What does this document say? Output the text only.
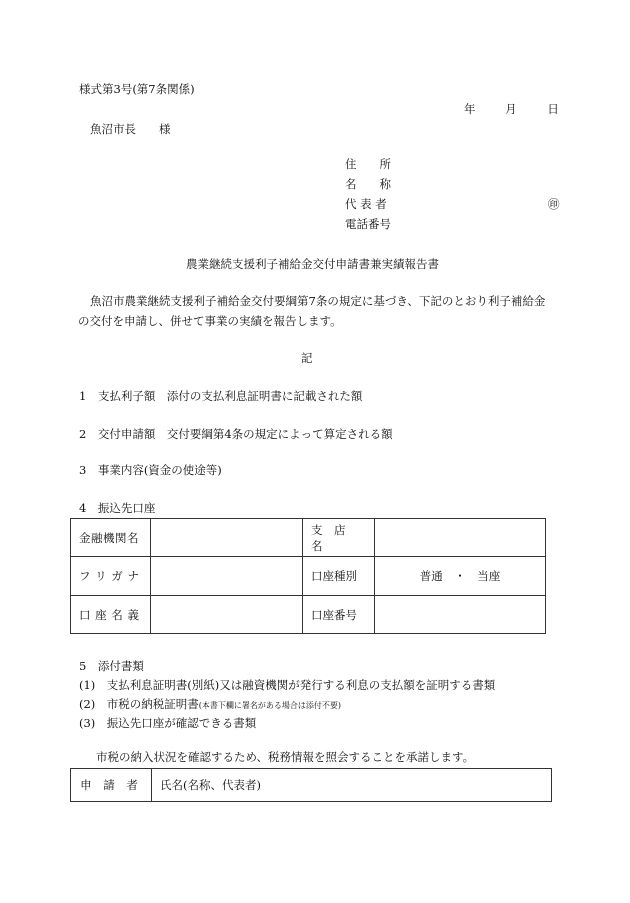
様式第3号(第7条関係)
年	月	日
魚沼市長　　様
住　　所
名　　称
代 表 者	㊞
電話番号
農業継続支援利子補給金交付申請書兼実績報告書
魚沼市農業継続支援利子補給金交付要綱第7条の規定に基づき、下記のとおり利子補給金
の交付を申請し、併せて事業の実績を報告します。
記
1　支払利子額　添付の支払利息証明書に記載された額
2　交付申請額　交付要綱第4条の規定によって算定される額
3　事業内容(資金の使途等)
4　振込先口座
金融機関名		支　店　名	
フ リ ガ ナ		口座種別	普通　・　当座
口 座 名 義		口座番号	
5　添付書類
(1)　支払利息証明書(別紙)又は融資機関が発行する利息の支払額を証明する書類
(2)　市税の納税証明書(本書下欄に署名がある場合は添付不要)
(3)　振込先口座が確認できる書類
市税の納入状況を確認するため、税務情報を照会することを承諾します。
申 請 者	氏名(名称、代表者)
